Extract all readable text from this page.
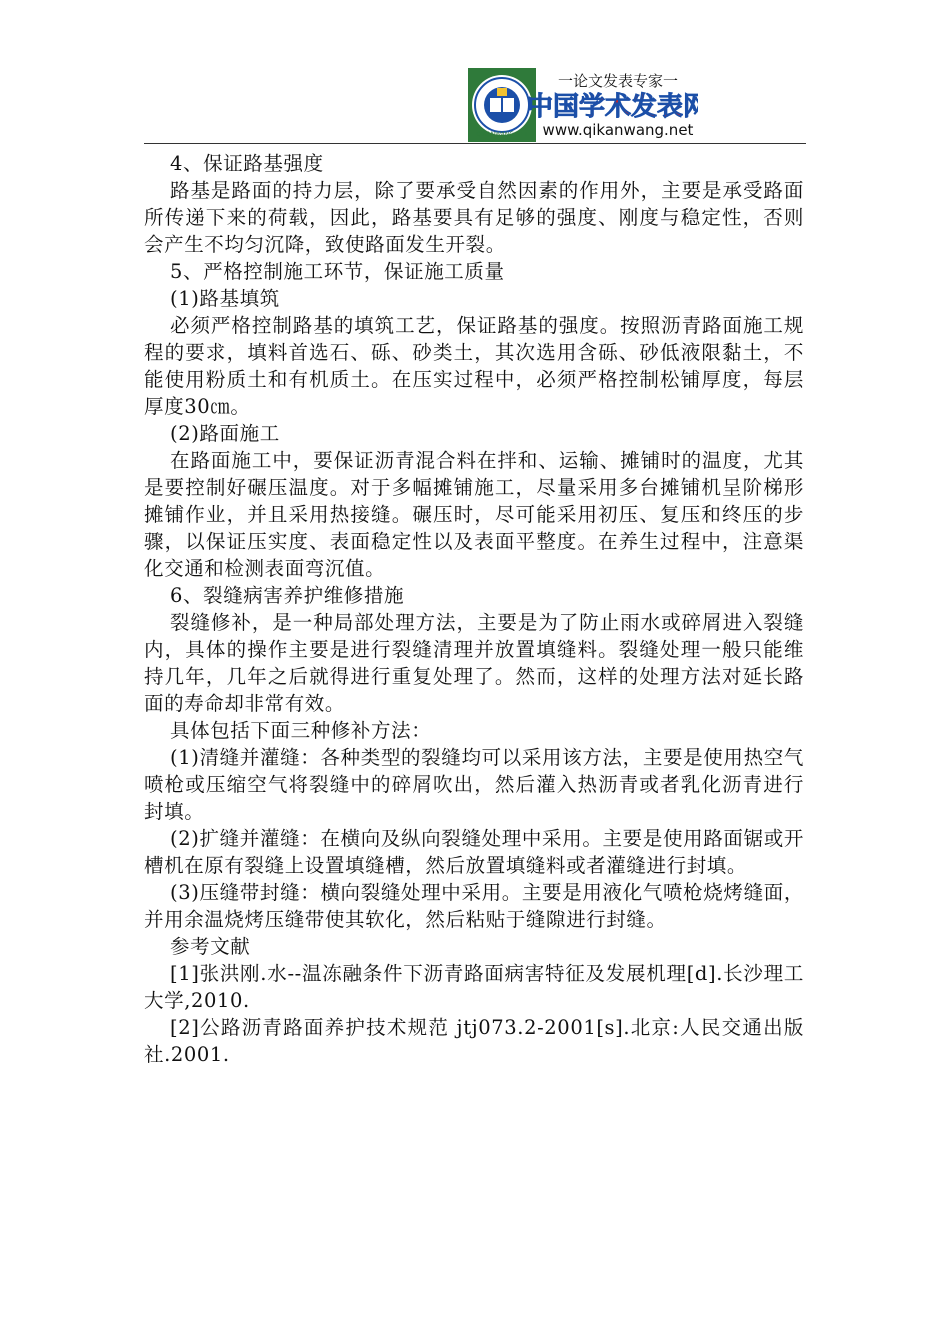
QIKANWANG.NET
一论文发表专家一
中国学术发表网
www.qikanwang.net

4、保证路基强度

路基是路面的持力层，除了要承受自然因素的作用外，主要是承受路面所传递下来的荷载，因此，路基要具有足够的强度、刚度与稳定性，否则会产生不均匀沉降，致使路面发生开裂。

5、严格控制施工环节，保证施工质量

(1)路基填筑

必须严格控制路基的填筑工艺，保证路基的强度。按照沥青路面施工规程的要求，填料首选石、砾、砂类土，其次选用含砾、砂低液限黏土，不能使用粉质土和有机质土。在压实过程中，必须严格控制松铺厚度，每层厚度30㎝。

(2)路面施工

在路面施工中，要保证沥青混合料在拌和、运输、摊铺时的温度，尤其是要控制好碾压温度。对于多幅摊铺施工，尽量采用多台摊铺机呈阶梯形摊铺作业，并且采用热接缝。碾压时，尽可能采用初压、复压和终压的步骤，以保证压实度、表面稳定性以及表面平整度。在养生过程中，注意渠化交通和检测表面弯沉值。

6、裂缝病害养护维修措施

裂缝修补，是一种局部处理方法，主要是为了防止雨水或碎屑进入裂缝内，具体的操作主要是进行裂缝清理并放置填缝料。裂缝处理一般只能维持几年，几年之后就得进行重复处理了。然而，这样的处理方法对延长路面的寿命却非常有效。

具体包括下面三种修补方法：

(1)清缝并灌缝：各种类型的裂缝均可以采用该方法，主要是使用热空气喷枪或压缩空气将裂缝中的碎屑吹出，然后灌入热沥青或者乳化沥青进行封填。

(2)扩缝并灌缝：在横向及纵向裂缝处理中采用。主要是使用路面锯或开槽机在原有裂缝上设置填缝槽，然后放置填缝料或者灌缝进行封填。

(3)压缝带封缝：横向裂缝处理中采用。主要是用液化气喷枪烧烤缝面，并用余温烧烤压缝带使其软化，然后粘贴于缝隙进行封缝。

参考文献

[1]张洪刚.水--温冻融条件下沥青路面病害特征及发展机理[d].长沙理工大学,2010.

[2]公路沥青路面养护技术规范 jtj073.2-2001[s].北京:人民交通出版社.2001.
